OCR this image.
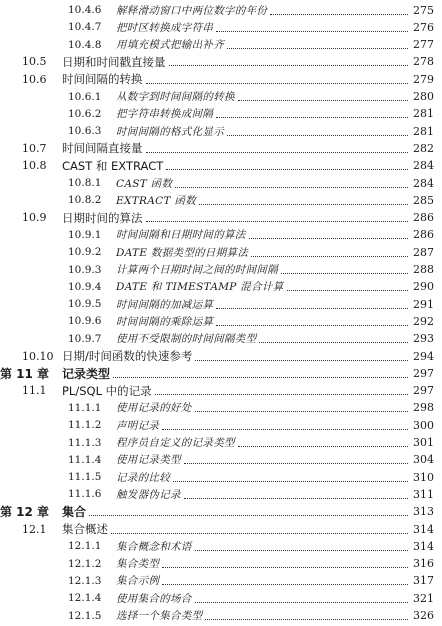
10.4.6	解释滑动窗口中两位数字的年份	275
10.4.7	把时区转换成字符串	276
10.4.8	用填充模式把输出补齐	277
10.5	日期和时间戳直接量	278
10.6	时间间隔的转换	279
10.6.1	从数字到时间间隔的转换	280
10.6.2	把字符串转换成间隔	281
10.6.3	时间间隔的格式化显示	281
10.7	时间间隔直接量	282
10.8	CAST 和 EXTRACT	284
10.8.1	CAST 函数	284
10.8.2	EXTRACT 函数	285
10.9	日期时间的算法	286
10.9.1	时间间隔和日期时间的算法	286
10.9.2	DATE 数据类型的日期算法	287
10.9.3	计算两个日期时间之间的时间间隔	288
10.9.4	DATE 和 TIMESTAMP 混合计算	290
10.9.5	时间间隔的加减运算	291
10.9.6	时间间隔的乘除运算	292
10.9.7	使用不受限制的时间间隔类型	293
10.10 日期/时间函数的快速参考	294
第 11 章	记录类型	297
11.1	PL/SQL 中的记录	297
11.1.1	使用记录的好处	298
11.1.2	声明记录	300
11.1.3	程序员自定义的记录类型	301
11.1.4	使用记录类型	304
11.1.5	记录的比较	310
11.1.6	触发器伪记录	311
第 12 章	集合	313
12.1	集合概述	314
12.1.1	集合概念和术语	314
12.1.2	集合类型	316
12.1.3	集合示例	317
12.1.4	使用集合的场合	321
12.1.5	选择一个集合类型	326
